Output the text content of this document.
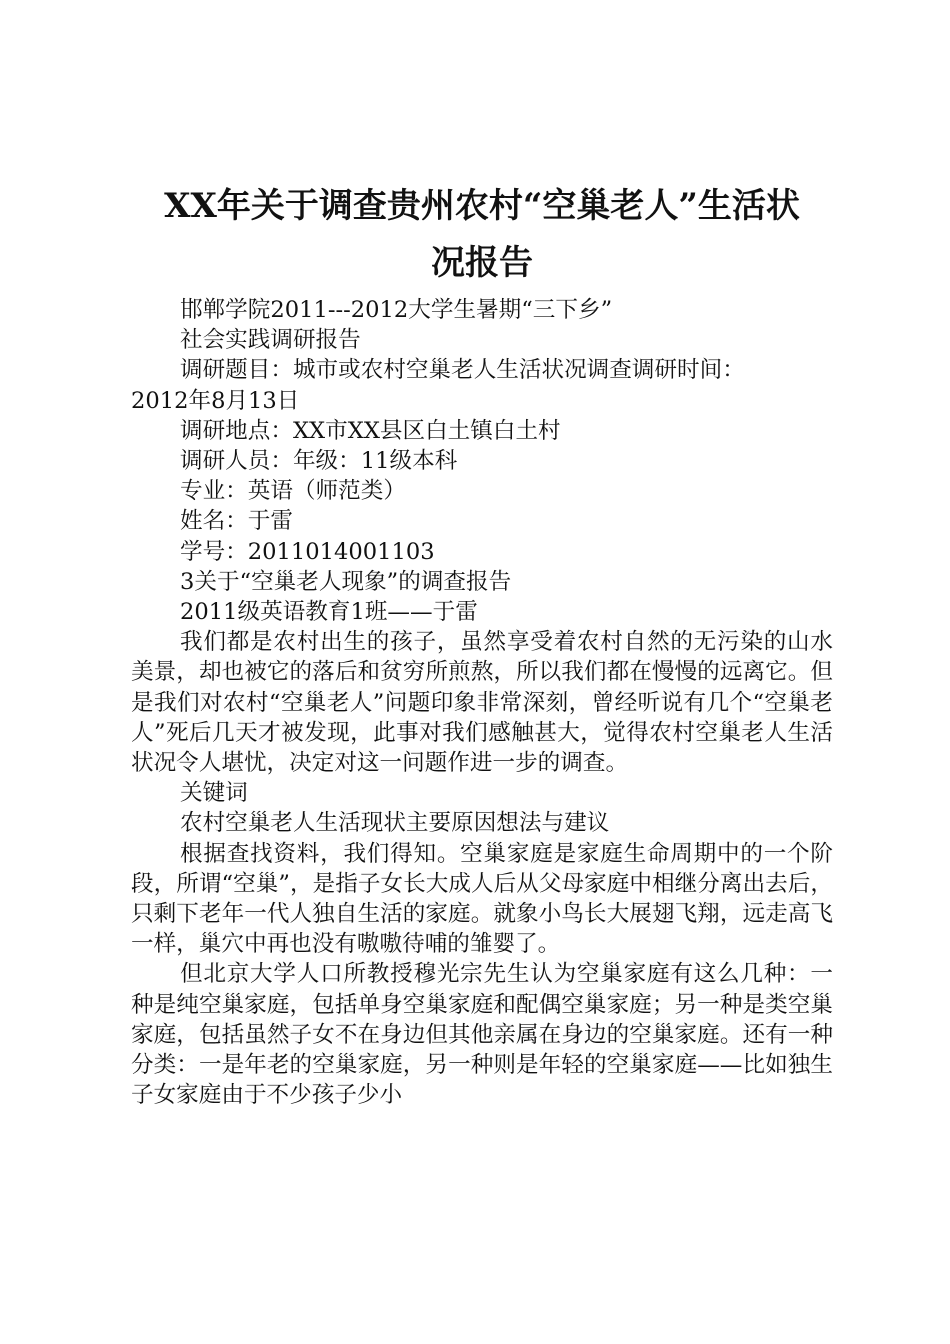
XX年关于调查贵州农村“空巢老人”生活状
况报告
邯郸学院2011---2012大学生暑期“三下乡”
社会实践调研报告
调研题目：城市或农村空巢老人生活状况调查调研时间：
2012年8月13日
调研地点：XX市XX县区白土镇白土村
调研人员：年级：11级本科
专业：英语（师范类）
姓名：于雷
学号：2011014001103
3关于“空巢老人现象”的调查报告
2011级英语教育1班——于雷
我们都是农村出生的孩子，虽然享受着农村自然的无污染的山水美景，却也被它的落后和贫穷所煎熬，所以我们都在慢慢的远离它。但是我们对农村“空巢老人”问题印象非常深刻，曾经听说有几个“空巢老人”死后几天才被发现，此事对我们感触甚大，觉得农村空巢老人生活状况令人堪忧，决定对这一问题作进一步的调查。
关键词
农村空巢老人生活现状主要原因想法与建议
根据查找资料，我们得知。空巢家庭是家庭生命周期中的一个阶段，所谓“空巢”，是指子女长大成人后从父母家庭中相继分离出去后，只剩下老年一代人独自生活的家庭。就象小鸟长大展翅飞翔，远走高飞一样，巢穴中再也没有嗷嗷待哺的雏婴了。
但北京大学人口所教授穆光宗先生认为空巢家庭有这么几种：一种是纯空巢家庭，包括单身空巢家庭和配偶空巢家庭；另一种是类空巢家庭，包括虽然子女不在身边但其他亲属在身边的空巢家庭。还有一种分类：一是年老的空巢家庭，另一种则是年轻的空巢家庭——比如独生子女家庭由于不少孩子少小
